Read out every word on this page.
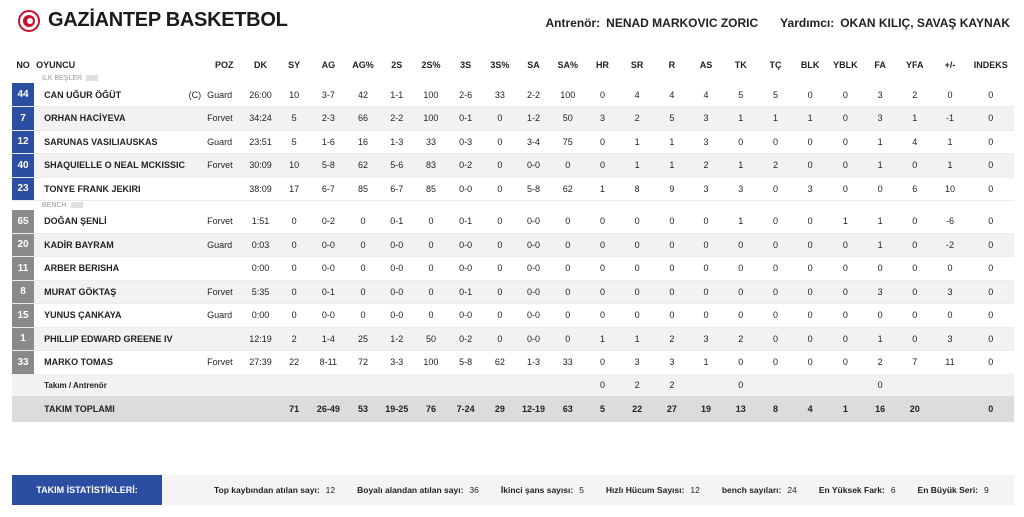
GAZİANTEP BASKETBOL	Antrenör: NENAD MARKOVIC ZORIC Yardımcı: OKAN KILIÇ, SAVAŞ KAYNAK
NO	OYUNCU	POZ	DK	SY	AG	AG%	2S	2S%	3S	3S%	SA	SA%	HR	SR	R	AS	TK	TÇ	BLK	YBLK	FA	YFA	+/-	INDEKS
İLK BEŞLER																								
44	CAN UĞUR ÖĞÜT (C)	Guard	26:00	10	3-7	42	1-1	100	2-6	33	2-2	100	0	4	4	4	5	5	0	0	3	2	0	0
7	ORHAN HACİYEVA	Forvet	34:24	5	2-3	66	2-2	100	0-1	0	1-2	50	3	2	5	3	1	1	1	0	3	1	-1	0
12	SARUNAS VASILIAUSKAS	Guard	23:51	5	1-6	16	1-3	33	0-3	0	3-4	75	0	1	1	3	0	0	0	0	1	4	1	0
40	SHAQUIELLE O NEAL MCKISSIC	Forvet	30:09	10	5-8	62	5-6	83	0-2	0	0-0	0	0	1	1	2	1	2	0	0	1	0	1	0
23	TONYE FRANK JEKIRI		38:09	17	6-7	85	6-7	85	0-0	0	5-8	62	1	8	9	3	3	0	3	0	0	6	10	0
BENCH																								
65	DOĞAN ŞENLİ	Forvet	1:51	0	0-2	0	0-1	0	0-1	0	0-0	0	0	0	0	0	1	0	0	1	1	0	-6	0
20	KADİR BAYRAM	Guard	0:03	0	0-0	0	0-0	0	0-0	0	0-0	0	0	0	0	0	0	0	0	0	1	0	-2	0
11	ARBER BERISHA		0:00	0	0-0	0	0-0	0	0-0	0	0-0	0	0	0	0	0	0	0	0	0	0	0	0	0
8	MURAT GÖKTAŞ	Forvet	5:35	0	0-1	0	0-0	0	0-1	0	0-0	0	0	0	0	0	0	0	0	0	3	0	3	0
15	YUNUS ÇANKAYA	Guard	0:00	0	0-0	0	0-0	0	0-0	0	0-0	0	0	0	0	0	0	0	0	0	0	0	0	0
1	PHILLIP EDWARD GREENE IV		12:19	2	1-4	25	1-2	50	0-2	0	0-0	0	1	1	2	3	2	0	0	0	1	0	3	0
33	MARKO TOMAS	Forvet	27:39	22	8-11	72	3-3	100	5-8	62	1-3	33	0	3	3	1	0	0	0	0	2	7	11	0
	Takım / Antrenör												0	2	2		0				0			
	TAKIM TOPLAMI			71	26-49	53	19-25	76	7-24	29	12-19	63	5	22	27	19	13	8	4	1	16	20		0
TAKIM İSTATİSTİKLERİ:	Top kaybından atılan sayı: 12	Boyalı alandan atılan sayı: 36	İkinci şans sayısı: 5	Hızlı Hücum Sayısı: 12	bench sayıları: 24	En Yüksek Fark: 6	En Büyük Seri: 9
